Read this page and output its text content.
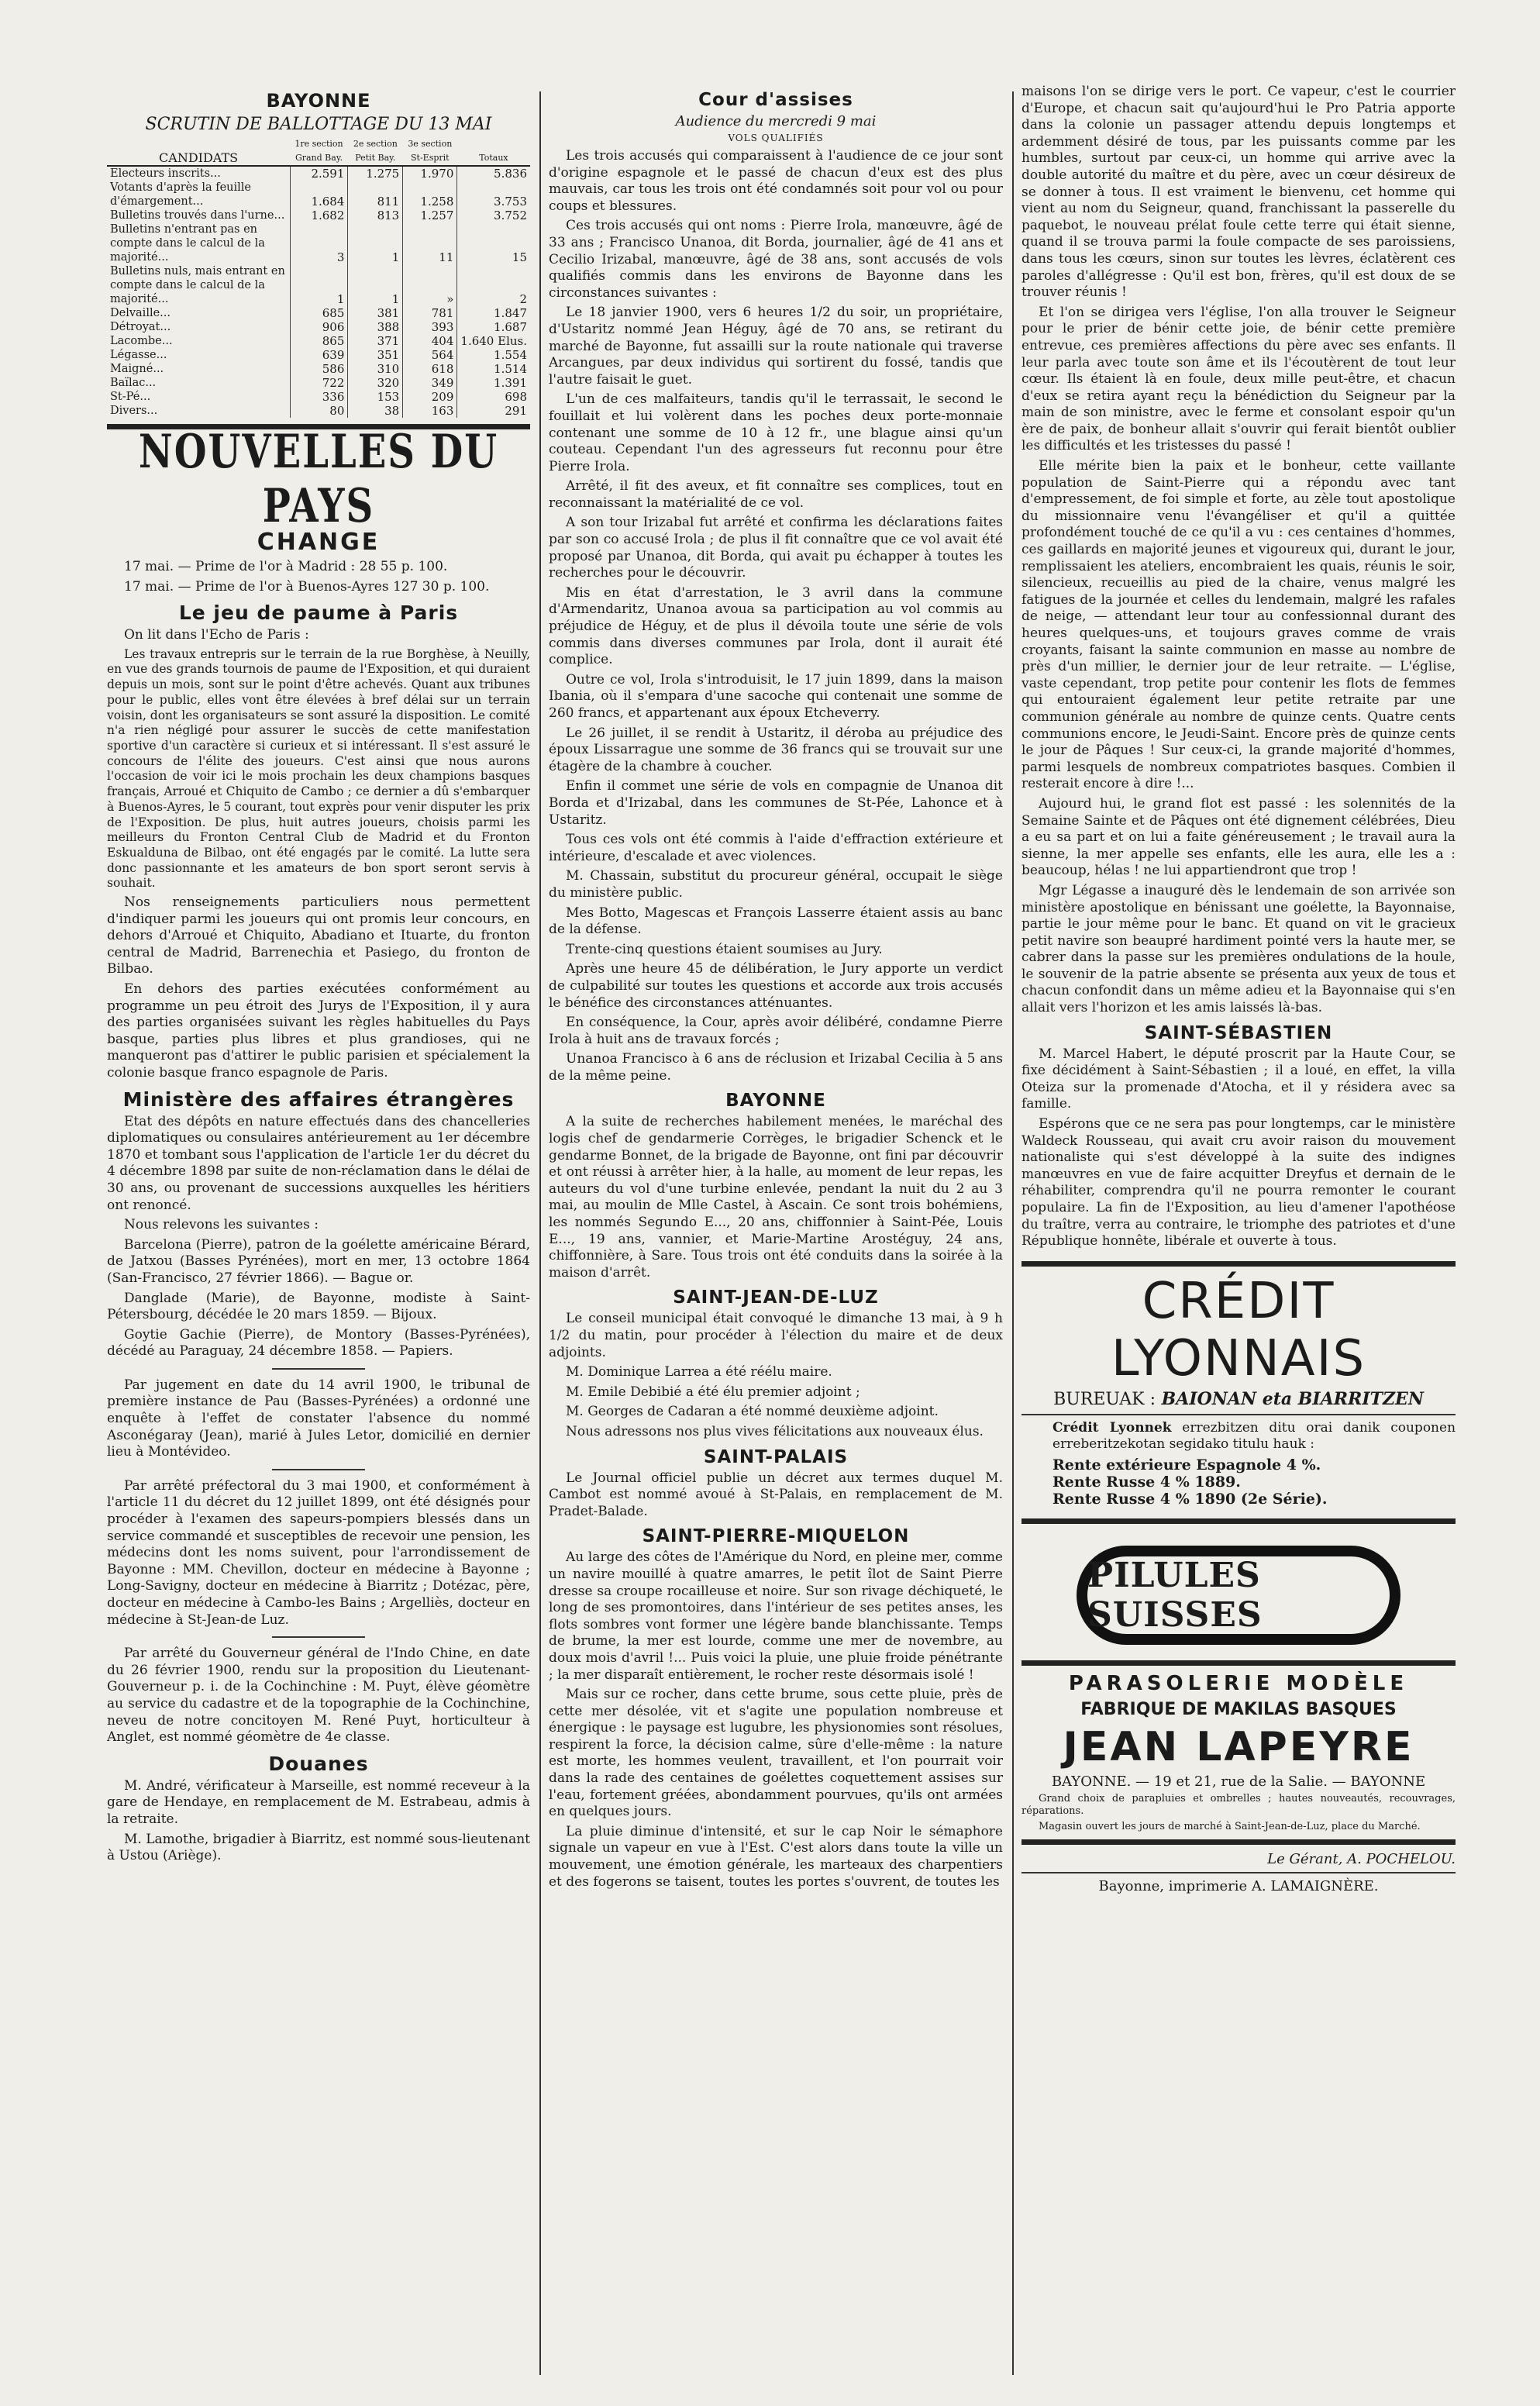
BAYONNE
SCRUTIN DE BALLOTTAGE DU 13 MAI
CANDIDATS	1re section Grand Bay.	2e section Petit Bay.	3e section St-Esprit	Totaux
Electeurs inscrits...	2.591	1.275	1.970	5.836
Votants d'après la feuille d'émargement...	1.684	811	1.258	3.753
Bulletins trouvés dans l'urne...	1.682	813	1.257	3.752
Bulletins n'entrant pas en compte dans le calcul de la majorité...	3	1	11	15
Bulletins nuls, mais entrant en compte dans le calcul de la majorité...	1	1	»	2
Delvaille...	685	381	781	1.847
Détroyat...	906	388	393	1.687
Lacombe...	865	371	404	1.640 Elus.
Légasse...	639	351	564	1.554
Maigné...	586	310	618	1.514
Baïlac...	722	320	349	1.391
St-Pé...	336	153	209	698
Divers...	80	38	163	291
NOUVELLES DU PAYS
CHANGE

17 mai. — Prime de l'or à Madrid : 28 55 p. 100.

17 mai. — Prime de l'or à Buenos-Ayres 127 30 p. 100.

Le jeu de paume à Paris

On lit dans l'Echo de Paris :

Les travaux entrepris sur le terrain de la rue Borghèse, à Neuilly, en vue des grands tournois de paume de l'Exposition, et qui duraient depuis un mois, sont sur le point d'être achevés. Quant aux tribunes pour le public, elles vont être élevées à bref délai sur un terrain voisin, dont les organisateurs se sont assuré la disposition. Le comité n'a rien négligé pour assurer le succès de cette manifestation sportive d'un caractère si curieux et si intéressant. Il s'est assuré le concours de l'élite des joueurs. C'est ainsi que nous aurons l'occasion de voir ici le mois prochain les deux champions basques français, Arroué et Chiquito de Cambo ; ce dernier a dû s'embarquer à Buenos-Ayres, le 5 courant, tout exprès pour venir disputer les prix de l'Exposition. De plus, huit autres joueurs, choisis parmi les meilleurs du Fronton Central Club de Madrid et du Fronton Eskualduna de Bilbao, ont été engagés par le comité. La lutte sera donc passionnante et les amateurs de bon sport seront servis à souhait.

Nos renseignements particuliers nous permettent d'indiquer parmi les joueurs qui ont promis leur concours, en dehors d'Arroué et Chiquito, Abadiano et Ituarte, du fronton central de Madrid, Barrenechia et Pasiego, du fronton de Bilbao.

En dehors des parties exécutées conformément au programme un peu étroit des Jurys de l'Exposition, il y aura des parties organisées suivant les règles habituelles du Pays basque, parties plus libres et plus grandioses, qui ne manqueront pas d'attirer le public parisien et spécialement la colonie basque franco espagnole de Paris.

Ministère des affaires étrangères

Etat des dépôts en nature effectués dans des chancelleries diplomatiques ou consulaires antérieurement au 1er décembre 1870 et tombant sous l'application de l'article 1er du décret du 4 décembre 1898 par suite de non-réclamation dans le délai de 30 ans, ou provenant de successions auxquelles les héritiers ont renoncé.

Nous relevons les suivantes :

Barcelona (Pierre), patron de la goélette américaine Bérard, de Jatxou (Basses Pyrénées), mort en mer, 13 octobre 1864 (San-Francisco, 27 février 1866). — Bague or.

Danglade (Marie), de Bayonne, modiste à Saint-Pétersbourg, décédée le 20 mars 1859. — Bijoux.

Goytie Gachie (Pierre), de Montory (Basses-Pyrénées), décédé au Paraguay, 24 décembre 1858. — Papiers.

Par jugement en date du 14 avril 1900, le tribunal de première instance de Pau (Basses-Pyrénées) a ordonné une enquête à l'effet de constater l'absence du nommé Asconégaray (Jean), marié à Jules Letor, domicilié en dernier lieu à Montévideo.

Par arrêté préfectoral du 3 mai 1900, et conformément à l'article 11 du décret du 12 juillet 1899, ont été désignés pour procéder à l'examen des sapeurs-pompiers blessés dans un service commandé et susceptibles de recevoir une pension, les médecins dont les noms suivent, pour l'arrondissement de Bayonne : MM. Chevillon, docteur en médecine à Bayonne ; Long-Savigny, docteur en médecine à Biarritz ; Dotézac, père, docteur en médecine à Cambo-les Bains ; Argelliès, docteur en médecine à St-Jean-de Luz.

Par arrêté du Gouverneur général de l'Indo Chine, en date du 26 février 1900, rendu sur la proposition du Lieutenant-Gouverneur p. i. de la Cochinchine : M. Puyt, élève géomètre au service du cadastre et de la topographie de la Cochinchine, neveu de notre concitoyen M. René Puyt, horticulteur à Anglet, est nommé géomètre de 4e classe.

Douanes

M. André, vérificateur à Marseille, est nommé receveur à la gare de Hendaye, en remplacement de M. Estrabeau, admis à la retraite.

M. Lamothe, brigadier à Biarritz, est nommé sous-lieutenant à Ustou (Ariège).

Cour d'assises
Audience du mercredi 9 mai
VOLS QUALIFIÉS

Les trois accusés qui comparaissent à l'audience de ce jour sont d'origine espagnole et le passé de chacun d'eux est des plus mauvais, car tous les trois ont été condamnés soit pour vol ou pour coups et blessures.

Ces trois accusés qui ont noms : Pierre Irola, manœuvre, âgé de 33 ans ; Francisco Unanoa, dit Borda, journalier, âgé de 41 ans et Cecilio Irizabal, manœuvre, âgé de 38 ans, sont accusés de vols qualifiés commis dans les environs de Bayonne dans les circonstances suivantes :

Le 18 janvier 1900, vers 6 heures 1/2 du soir, un propriétaire, d'Ustaritz nommé Jean Héguy, âgé de 70 ans, se retirant du marché de Bayonne, fut assailli sur la route nationale qui traverse Arcangues, par deux individus qui sortirent du fossé, tandis que l'autre faisait le guet.

L'un de ces malfaiteurs, tandis qu'il le terrassait, le second le fouillait et lui volèrent dans les poches deux porte-monnaie contenant une somme de 10 à 12 fr., une blague ainsi qu'un couteau. Cependant l'un des agresseurs fut reconnu pour être Pierre Irola.

Arrêté, il fit des aveux, et fit connaître ses complices, tout en reconnaissant la matérialité de ce vol.

A son tour Irizabal fut arrêté et confirma les déclarations faites par son co accusé Irola ; de plus il fit connaître que ce vol avait été proposé par Unanoa, dit Borda, qui avait pu échapper à toutes les recherches pour le découvrir.

Mis en état d'arrestation, le 3 avril dans la commune d'Armendaritz, Unanoa avoua sa participation au vol commis au préjudice de Héguy, et de plus il dévoila toute une série de vols commis dans diverses communes par Irola, dont il aurait été complice.

Outre ce vol, Irola s'introduisit, le 17 juin 1899, dans la maison Ibania, où il s'empara d'une sacoche qui contenait une somme de 260 francs, et appartenant aux époux Etcheverry.

Le 26 juillet, il se rendit à Ustaritz, il déroba au préjudice des époux Lissarrague une somme de 36 francs qui se trouvait sur une étagère de la chambre à coucher.

Enfin il commet une série de vols en compagnie de Unanoa dit Borda et d'Irizabal, dans les communes de St-Pée, Lahonce et à Ustaritz.

Tous ces vols ont été commis à l'aide d'effraction extérieure et intérieure, d'escalade et avec violences.

M. Chassain, substitut du procureur général, occupait le siège du ministère public.

Mes Botto, Magescas et François Lasserre étaient assis au banc de la défense.

Trente-cinq questions étaient soumises au Jury.

Après une heure 45 de délibération, le Jury apporte un verdict de culpabilité sur toutes les questions et accorde aux trois accusés le bénéfice des circonstances atténuantes.

En conséquence, la Cour, après avoir délibéré, condamne Pierre Irola à huit ans de travaux forcés ;

Unanoa Francisco à 6 ans de réclusion et Irizabal Cecilia à 5 ans de la même peine.

BAYONNE

A la suite de recherches habilement menées, le maréchal des logis chef de gendarmerie Corrèges, le brigadier Schenck et le gendarme Bonnet, de la brigade de Bayonne, ont fini par découvrir et ont réussi à arrêter hier, à la halle, au moment de leur repas, les auteurs du vol d'une turbine enlevée, pendant la nuit du 2 au 3 mai, au moulin de Mlle Castel, à Ascain. Ce sont trois bohémiens, les nommés Segundo E..., 20 ans, chiffonnier à Saint-Pée, Louis E..., 19 ans, vannier, et Marie-Martine Arostéguy, 24 ans, chiffonnière, à Sare. Tous trois ont été conduits dans la soirée à la maison d'arrêt.

SAINT-JEAN-DE-LUZ

Le conseil municipal était convoqué le dimanche 13 mai, à 9 h 1/2 du matin, pour procéder à l'élection du maire et de deux adjoints.

M. Dominique Larrea a été réélu maire.

M. Emile Debibié a été élu premier adjoint ;

M. Georges de Cadaran a été nommé deuxième adjoint.

Nous adressons nos plus vives félicitations aux nouveaux élus.

SAINT-PALAIS

Le Journal officiel publie un décret aux termes duquel M. Cambot est nommé avoué à St-Palais, en remplacement de M. Pradet-Balade.

SAINT-PIERRE-MIQUELON

Au large des côtes de l'Amérique du Nord, en pleine mer, comme un navire mouillé à quatre amarres, le petit îlot de Saint Pierre dresse sa croupe rocailleuse et noire. Sur son rivage déchiqueté, le long de ses promontoires, dans l'intérieur de ses petites anses, les flots sombres vont former une légère bande blanchissante. Temps de brume, la mer est lourde, comme une mer de novembre, au doux mois d'avril !... Puis voici la pluie, une pluie froide pénétrante ; la mer disparaît entièrement, le rocher reste désormais isolé !

Mais sur ce rocher, dans cette brume, sous cette pluie, près de cette mer désolée, vit et s'agite une population nombreuse et énergique : le paysage est lugubre, les physionomies sont résolues, respirent la force, la décision calme, sûre d'elle-même : la nature est morte, les hommes veulent, travaillent, et l'on pourrait voir dans la rade des centaines de goélettes coquettement assises sur l'eau, fortement gréées, abondamment pourvues, qu'ils ont armées en quelques jours.

La pluie diminue d'intensité, et sur le cap Noir le sémaphore signale un vapeur en vue à l'Est. C'est alors dans toute la ville un mouvement, une émotion générale, les marteaux des charpentiers et des fogerons se taisent, toutes les portes s'ouvrent, de toutes les

maisons l'on se dirige vers le port. Ce vapeur, c'est le courrier d'Europe, et chacun sait qu'aujourd'hui le Pro Patria apporte dans la colonie un passager attendu depuis longtemps et ardemment désiré de tous, par les puissants comme par les humbles, surtout par ceux-ci, un homme qui arrive avec la double autorité du maître et du père, avec un cœur désireux de se donner à tous. Il est vraiment le bienvenu, cet homme qui vient au nom du Seigneur, quand, franchissant la passerelle du paquebot, le nouveau prélat foule cette terre qui était sienne, quand il se trouva parmi la foule compacte de ses paroissiens, dans tous les cœurs, sinon sur toutes les lèvres, éclatèrent ces paroles d'allégresse : Qu'il est bon, frères, qu'il est doux de se trouver réunis !

Et l'on se dirigea vers l'église, l'on alla trouver le Seigneur pour le prier de bénir cette joie, de bénir cette première entrevue, ces premières affections du père avec ses enfants. Il leur parla avec toute son âme et ils l'écoutèrent de tout leur cœur. Ils étaient là en foule, deux mille peut-être, et chacun d'eux se retira ayant reçu la bénédiction du Seigneur par la main de son ministre, avec le ferme et consolant espoir qu'un ère de paix, de bonheur allait s'ouvrir qui ferait bientôt oublier les difficultés et les tristesses du passé !

Elle mérite bien la paix et le bonheur, cette vaillante population de Saint-Pierre qui a répondu avec tant d'empressement, de foi simple et forte, au zèle tout apostolique du missionnaire venu l'évangéliser et qu'il a quittée profondément touché de ce qu'il a vu : ces centaines d'hommes, ces gaillards en majorité jeunes et vigoureux qui, durant le jour, remplissaient les ateliers, encombraient les quais, réunis le soir, silencieux, recueillis au pied de la chaire, venus malgré les fatigues de la journée et celles du lendemain, malgré les rafales de neige, — attendant leur tour au confessionnal durant des heures quelques-uns, et toujours graves comme de vrais croyants, faisant la sainte communion en masse au nombre de près d'un millier, le dernier jour de leur retraite. — L'église, vaste cependant, trop petite pour contenir les flots de femmes qui entouraient également leur petite retraite par une communion générale au nombre de quinze cents. Quatre cents communions encore, le Jeudi-Saint. Encore près de quinze cents le jour de Pâques ! Sur ceux-ci, la grande majorité d'hommes, parmi lesquels de nombreux compatriotes basques. Combien il resterait encore à dire !...

Aujourd hui, le grand flot est passé : les solennités de la Semaine Sainte et de Pâques ont été dignement célébrées, Dieu a eu sa part et on lui a faite généreusement ; le travail aura la sienne, la mer appelle ses enfants, elle les aura, elle les a : beaucoup, hélas ! ne lui appartiendront que trop !

Mgr Légasse a inauguré dès le lendemain de son arrivée son ministère apostolique en bénissant une goélette, la Bayonnaise, partie le jour même pour le banc. Et quand on vit le gracieux petit navire son beaupré hardiment pointé vers la haute mer, se cabrer dans la passe sur les premières ondulations de la houle, le souvenir de la patrie absente se présenta aux yeux de tous et chacun confondit dans un même adieu et la Bayonnaise qui s'en allait vers l'horizon et les amis laissés là-bas.

SAINT-SÉBASTIEN

M. Marcel Habert, le député proscrit par la Haute Cour, se fixe décidément à Saint-Sébastien ; il a loué, en effet, la villa Oteiza sur la promenade d'Atocha, et il y résidera avec sa famille.

Espérons que ce ne sera pas pour longtemps, car le ministère Waldeck Rousseau, qui avait cru avoir raison du mouvement nationaliste qui s'est développé à la suite des indignes manœuvres en vue de faire acquitter Dreyfus et dernain de le réhabiliter, comprendra qu'il ne pourra remonter le courant populaire. La fin de l'Exposition, au lieu d'amener l'apothéose du traître, verra au contraire, le triomphe des patriotes et d'une République honnête, libérale et ouverte à tous.

CRÉDIT LYONNAIS
BUREUAK : BAIONAN eta BIARRITZEN

Crédit Lyonnek errezbitzen ditu orai danik couponen erreberitzekotan segidako titulu hauk :

Rente extérieure Espagnole 4 %.
Rente Russe 4 % 1889.
Rente Russe 4 % 1890 (2e Série).
PILULES SUISSES
PARASOLERIE MODÈLE
FABRIQUE DE MAKILAS BASQUES
JEAN LAPEYRE
BAYONNE. — 19 et 21, rue de la Salie. — BAYONNE

Grand choix de parapluies et ombrelles ; hautes nouveautés, recouvrages, réparations.

Magasin ouvert les jours de marché à Saint-Jean-de-Luz, place du Marché.

Le Gérant, A. POCHELOU.
Bayonne, imprimerie A. LAMAIGNÈRE.
